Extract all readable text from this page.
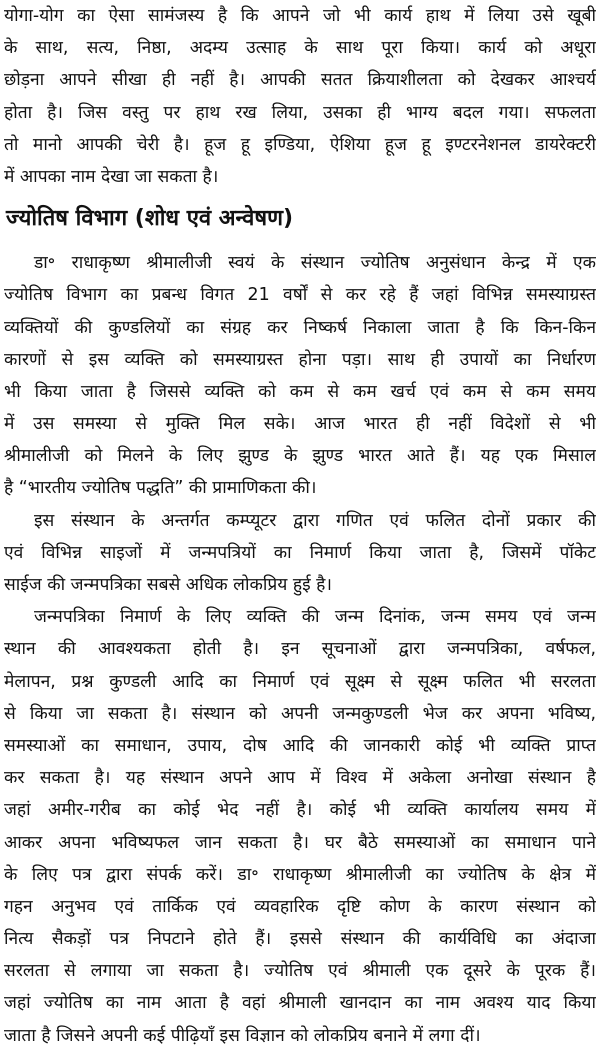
योगा-योग का ऐसा सामंजस्य है कि आपने जो भी कार्य हाथ में लिया उसे खूबी
के साथ, सत्य, निष्ठा, अदम्य उत्साह के साथ पूरा किया। कार्य को अधूरा
छोड़ना आपने सीखा ही नहीं है। आपकी सतत क्रियाशीलता को देखकर आश्चर्य
होता है। जिस वस्तु पर हाथ रख लिया, उसका ही भाग्य बदल गया। सफलता
तो मानो आपकी चेरी है। हूज हू इण्डिया, ऐशिया हूज हू इण्टरनेशनल डायरेक्टरी
में आपका नाम देखा जा सकता है।
ज्योतिष विभाग (शोध एवं अन्वेषण)
डा॰ राधाकृष्ण श्रीमालीजी स्वयं के संस्थान ज्योतिष अनुसंधान केन्द्र में एक
ज्योतिष विभाग का प्रबन्ध विगत 21 वर्षों से कर रहे हैं जहां विभिन्न समस्याग्रस्त
व्यक्तियों की कुण्डलियों का संग्रह कर निष्कर्ष निकाला जाता है कि किन-किन
कारणों से इस व्यक्ति को समस्याग्रस्त होना पड़ा। साथ ही उपायों का निर्धारण
भी किया जाता है जिससे व्यक्ति को कम से कम खर्च एवं कम से कम समय
में उस समस्या से मुक्ति मिल सके। आज भारत ही नहीं विदेशों से भी
श्रीमालीजी को मिलने के लिए झुण्ड के झुण्ड भारत आते हैं। यह एक मिसाल
है “भारतीय ज्योतिष पद्धति” की प्रामाणिकता की।
इस संस्थान के अन्तर्गत कम्प्यूटर द्वारा गणित एवं फलित दोनों प्रकार की
एवं विभिन्न साइजों में जन्मपत्रियों का निमार्ण किया जाता है, जिसमें पॉकेट
साईज की जन्मपत्रिका सबसे अधिक लोकप्रिय हुई है।
जन्मपत्रिका निमार्ण के लिए व्यक्ति की जन्म दिनांक, जन्म समय एवं जन्म
स्थान की आवश्यकता होती है। इन सूचनाओं द्वारा जन्मपत्रिका, वर्षफल,
मेलापन, प्रश्न कुण्डली आदि का निमार्ण एवं सूक्ष्म से सूक्ष्म फलित भी सरलता
से किया जा सकता है। संस्थान को अपनी जन्मकुण्डली भेज कर अपना भविष्य,
समस्याओं का समाधान, उपाय, दोष आदि की जानकारी कोई भी व्यक्ति प्राप्त
कर सकता है। यह संस्थान अपने आप में विश्व में अकेला अनोखा संस्थान है
जहां अमीर-गरीब का कोई भेद नहीं है। कोई भी व्यक्ति कार्यालय समय में
आकर अपना भविष्यफल जान सकता है। घर बैठे समस्याओं का समाधान पाने
के लिए पत्र द्वारा संपर्क करें। डा॰ राधाकृष्ण श्रीमालीजी का ज्योतिष के क्षेत्र में
गहन अनुभव एवं तार्किक एवं व्यवहारिक दृष्टि कोण के कारण संस्थान को
नित्य सैकड़ों पत्र निपटाने होते हैं। इससे संस्थान की कार्यविधि का अंदाजा
सरलता से लगाया जा सकता है। ज्योतिष एवं श्रीमाली एक दूसरे के पूरक हैं।
जहां ज्योतिष का नाम आता है वहां श्रीमाली खानदान का नाम अवश्य याद किया
जाता है जिसने अपनी कई पीढ़ियाँ इस विज्ञान को लोकप्रिय बनाने में लगा दीं।
